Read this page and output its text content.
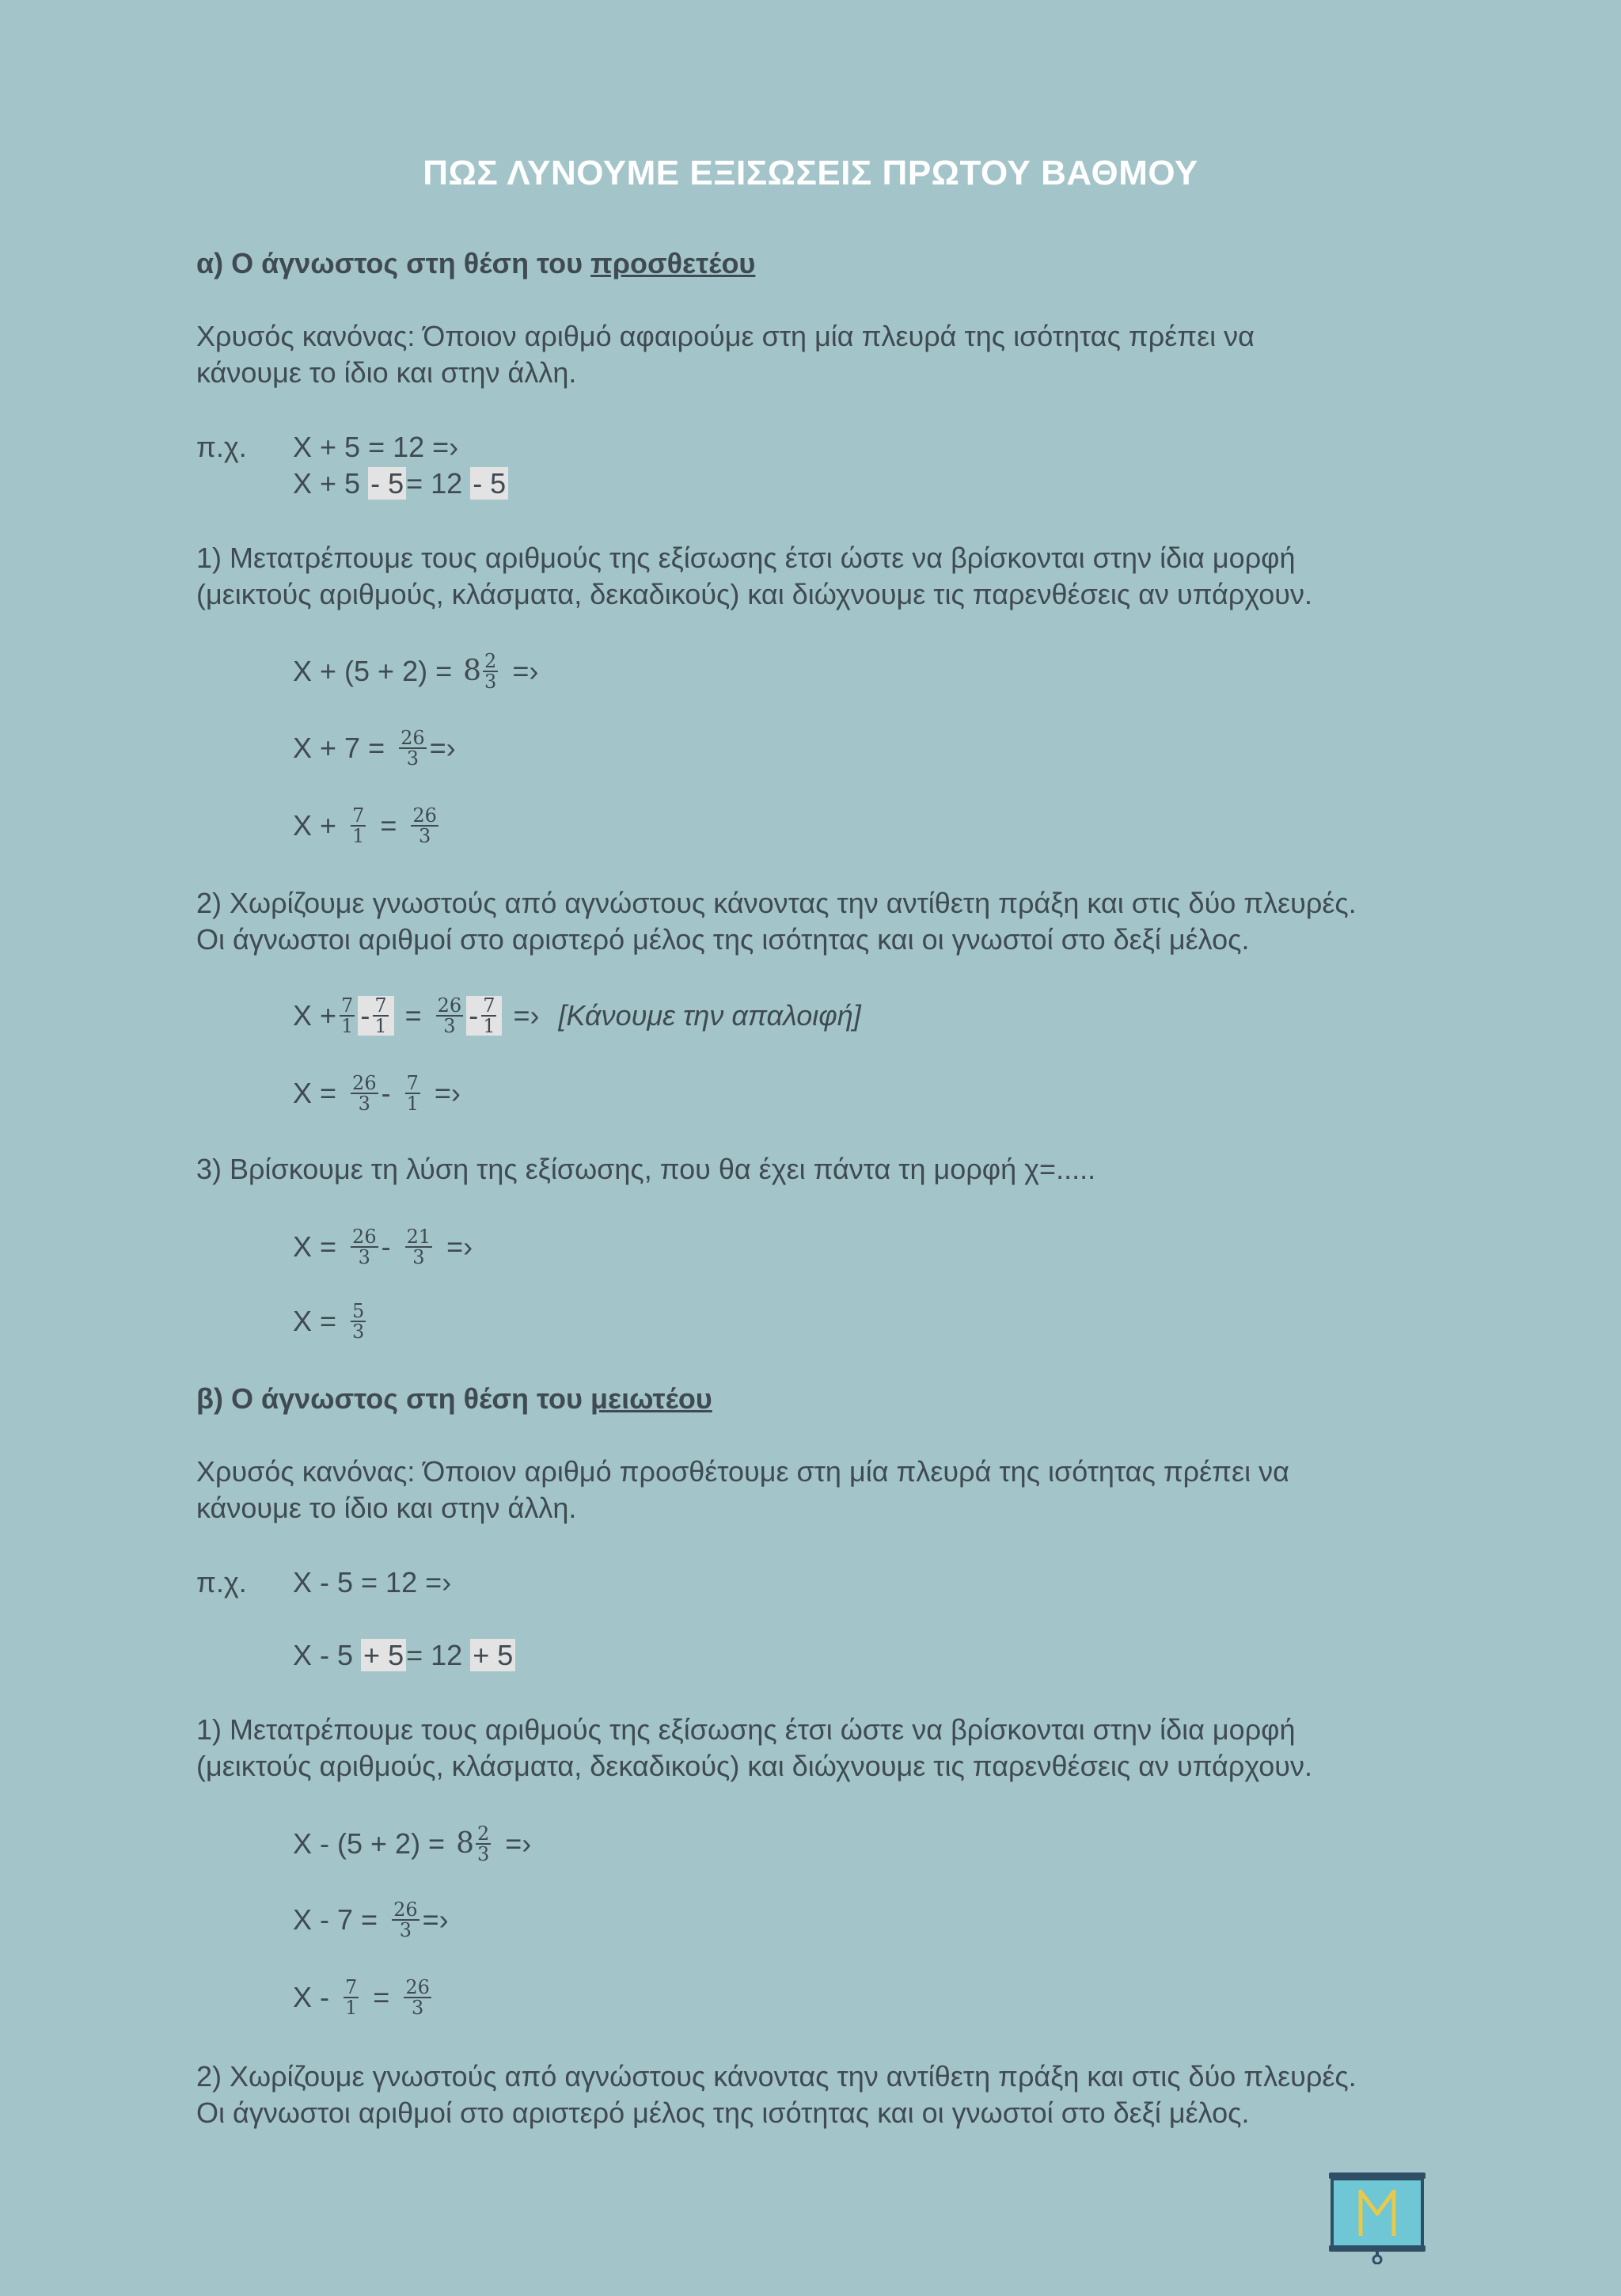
ΠΩΣ ΛΥΝΟΥΜΕ ΕΞΙΣΩΣΕΙΣ ΠΡΩΤΟΥ ΒΑΘΜΟΥ
α) Ο άγνωστος στη θέση του προσθετέου
Χρυσός κανόνας: Όποιον αριθμό αφαιρούμε στη μία πλευρά της ισότητας πρέπει να
κάνουμε το ίδιο και στην άλλη.
π.χ. X + 5 = 12 =›
X + 5 - 5= 12 - 5
1) Μετατρέπουμε τους αριθμούς της εξίσωσης έτσι ώστε να βρίσκονται στην ίδια μορφή
(μεικτούς αριθμούς, κλάσματα, δεκαδικούς) και διώχνουμε τις παρενθέσεις αν υπάρχουν.
$X + (5 + 2) = 8 \frac{2}{3}$ =›
$X + 7 = \frac{26}{3}$ =›
$X + \frac{7}{1} = \frac{26}{3}$
2) Χωρίζουμε γνωστούς από αγνώστους κάνοντας την αντίθετη πράξη και στις δύο πλευρές.
Οι άγνωστοι αριθμοί στο αριστερό μέλος της ισότητας και οι γνωστοί στο δεξί μέλος.
$X + \frac{7}{1} - \frac{7}{1} = \frac{26}{3} - \frac{7}{1}$ =› [Κάνουμε την απαλοιφή]
$X = \frac{26}{3} - \frac{7}{1}$ =›
3) Βρίσκουμε τη λύση της εξίσωσης, που θα έχει πάντα τη μορφή χ=.....
$X = \frac{26}{3} - \frac{21}{3}$ =›
$X = \frac{5}{3}$
β) Ο άγνωστος στη θέση του μειωτέου
Χρυσός κανόνας: Όποιον αριθμό προσθέτουμε στη μία πλευρά της ισότητας πρέπει να
κάνουμε το ίδιο και στην άλλη.
π.χ. X - 5 = 12 =›
X - 5 + 5= 12 + 5
1) Μετατρέπουμε τους αριθμούς της εξίσωσης έτσι ώστε να βρίσκονται στην ίδια μορφή
(μεικτούς αριθμούς, κλάσματα, δεκαδικούς) και διώχνουμε τις παρενθέσεις αν υπάρχουν.
$X - (5 + 2) = 8 \frac{2}{3}$ =›
$X - 7 = \frac{26}{3}$ =›
$X - \frac{7}{1} = \frac{26}{3}$
2) Χωρίζουμε γνωστούς από αγνώστους κάνοντας την αντίθετη πράξη και στις δύο πλευρές.
Οι άγνωστοι αριθμοί στο αριστερό μέλος της ισότητας και οι γνωστοί στο δεξί μέλος.
